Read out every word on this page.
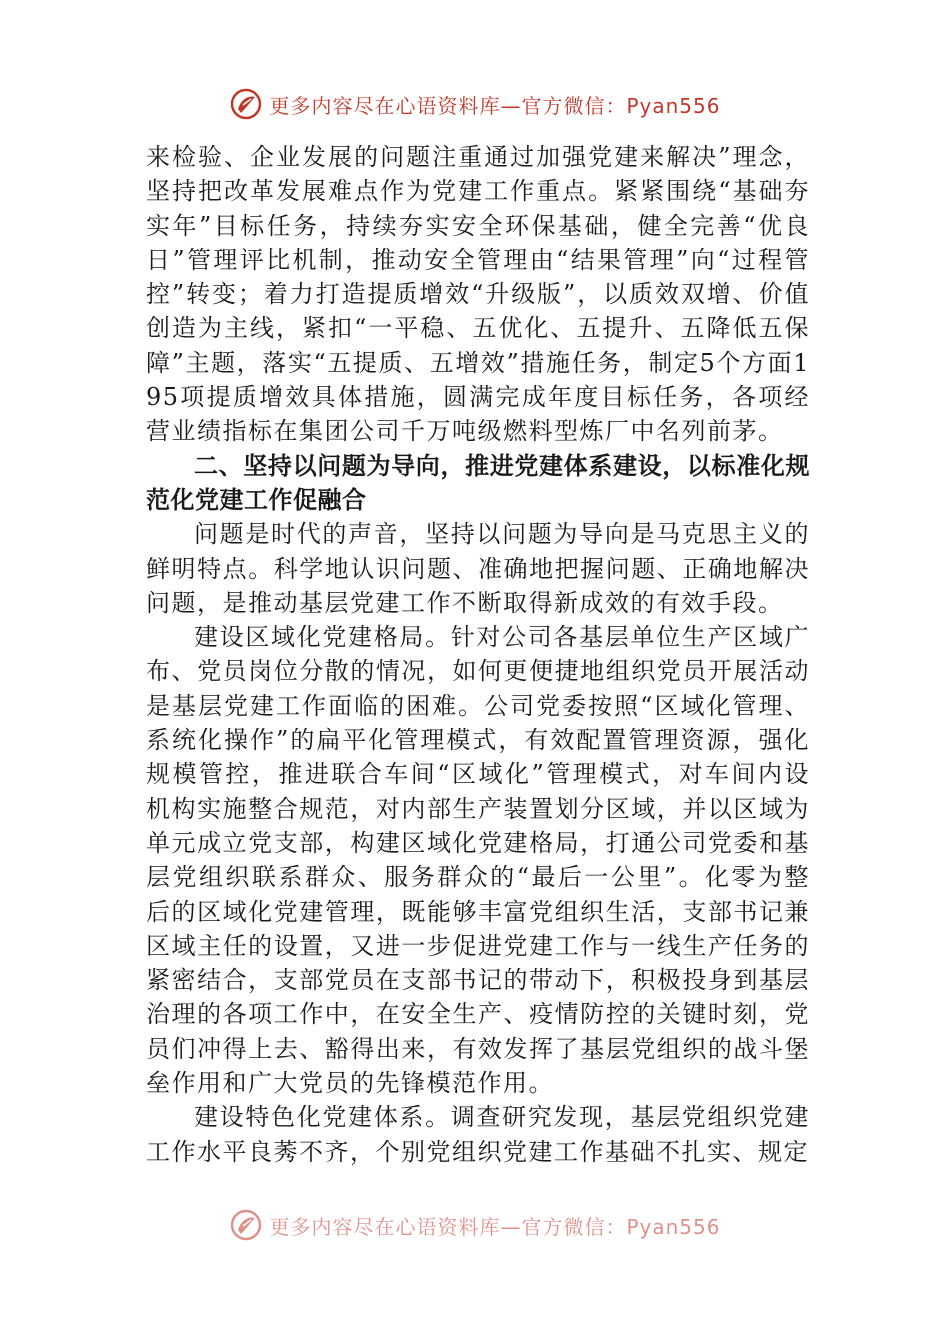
更多内容尽在心语资料库—官方微信：Pyan556

来检验、企业发展的问题注重通过加强党建来解决”理念，坚持把改革发展难点作为党建工作重点。紧紧围绕“基础夯实年”目标任务，持续夯实安全环保基础，健全完善“优良日”管理评比机制，推动安全管理由“结果管理”向“过程管控”转变；着力打造提质增效“升级版”，以质效双增、价值创造为主线，紧扣“一平稳、五优化、五提升、五降低五保障”主题，落实“五提质、五增效”措施任务，制定5个方面195项提质增效具体措施，圆满完成年度目标任务，各项经营业绩指标在集团公司千万吨级燃料型炼厂中名列前茅。

二、坚持以问题为导向，推进党建体系建设，以标准化规范化党建工作促融合

问题是时代的声音，坚持以问题为导向是马克思主义的鲜明特点。科学地认识问题、准确地把握问题、正确地解决问题，是推动基层党建工作不断取得新成效的有效手段。

建设区域化党建格局。针对公司各基层单位生产区域广布、党员岗位分散的情况，如何更便捷地组织党员开展活动是基层党建工作面临的困难。公司党委按照“区域化管理、系统化操作”的扁平化管理模式，有效配置管理资源，强化规模管控，推进联合车间“区域化”管理模式，对车间内设机构实施整合规范，对内部生产装置划分区域，并以区域为单元成立党支部，构建区域化党建格局，打通公司党委和基层党组织联系群众、服务群众的“最后一公里”。化零为整后的区域化党建管理，既能够丰富党组织生活，支部书记兼区域主任的设置，又进一步促进党建工作与一线生产任务的紧密结合，支部党员在支部书记的带动下，积极投身到基层治理的各项工作中，在安全生产、疫情防控的关键时刻，党员们冲得上去、豁得出来，有效发挥了基层党组织的战斗堡垒作用和广大党员的先锋模范作用。

建设特色化党建体系。调查研究发现，基层党组织党建工作水平良莠不齐，个别党组织党建工作基础不扎实、规定

更多内容尽在心语资料库—官方微信：Pyan556
